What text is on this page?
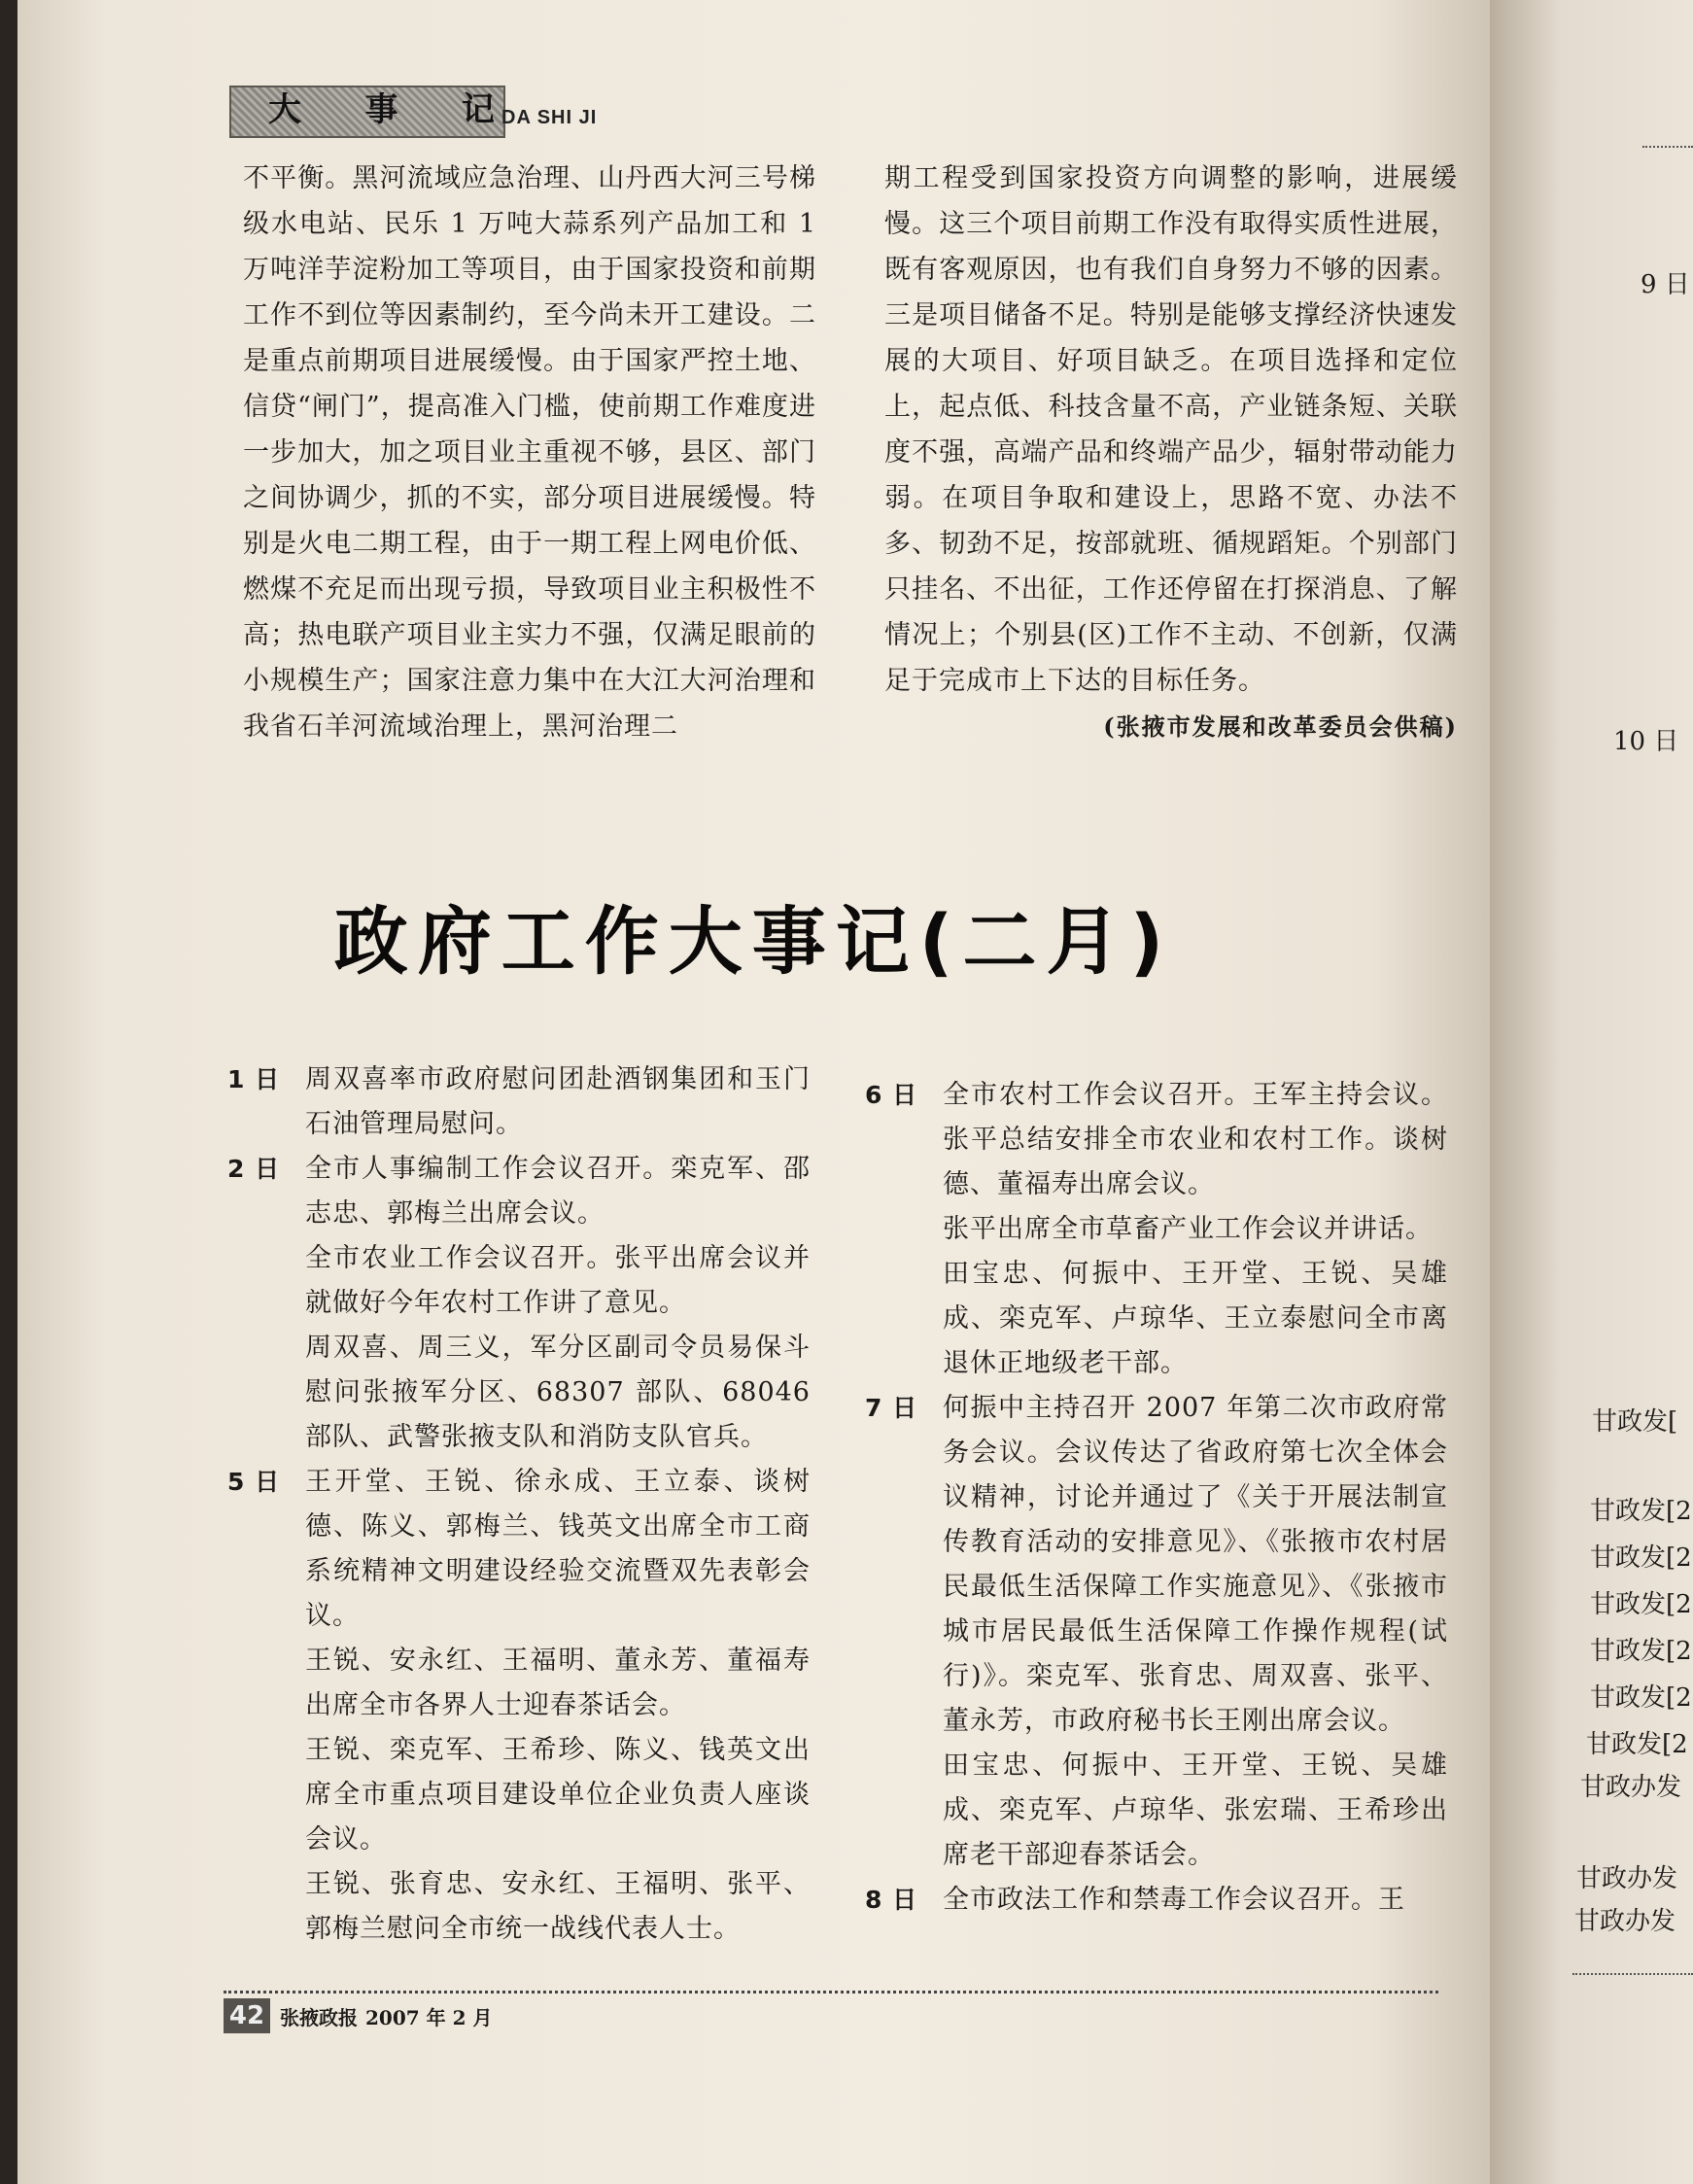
大 事 记
DA SHI JI

不平衡。黑河流域应急治理、山丹西大河三号梯级水电站、民乐 1 万吨大蒜系列产品加工和 1 万吨洋芋淀粉加工等项目，由于国家投资和前期工作不到位等因素制约，至今尚未开工建设。二是重点前期项目进展缓慢。由于国家严控土地、信贷“闸门”，提高准入门槛，使前期工作难度进一步加大，加之项目业主重视不够，县区、部门之间协调少，抓的不实，部分项目进展缓慢。特别是火电二期工程，由于一期工程上网电价低、燃煤不充足而出现亏损，导致项目业主积极性不高；热电联产项目业主实力不强，仅满足眼前的小规模生产；国家注意力集中在大江大河治理和我省石羊河流域治理上，黑河治理二

期工程受到国家投资方向调整的影响，进展缓慢。这三个项目前期工作没有取得实质性进展，既有客观原因，也有我们自身努力不够的因素。三是项目储备不足。特别是能够支撑经济快速发展的大项目、好项目缺乏。在项目选择和定位上，起点低、科技含量不高，产业链条短、关联度不强，高端产品和终端产品少，辐射带动能力弱。在项目争取和建设上，思路不宽、办法不多、韧劲不足，按部就班、循规蹈矩。个别部门只挂名、不出征，工作还停留在打探消息、了解情况上；个别县(区)工作不主动、不创新，仅满足于完成市上下达的目标任务。

(张掖市发展和改革委员会供稿)
政府工作大事记(二月)
1 日 周双喜率市政府慰问团赴酒钢集团和玉门石油管理局慰问。

2 日 全市人事编制工作会议召开。栾克军、邵志忠、郭梅兰出席会议。

全市农业工作会议召开。张平出席会议并就做好今年农村工作讲了意见。

周双喜、周三义，军分区副司令员易保斗慰问张掖军分区、68307 部队、68046 部队、武警张掖支队和消防支队官兵。

5 日 王开堂、王锐、徐永成、王立泰、谈树德、陈义、郭梅兰、钱英文出席全市工商系统精神文明建设经验交流暨双先表彰会议。

王锐、安永红、王福明、董永芳、董福寿出席全市各界人士迎春茶话会。

王锐、栾克军、王希珍、陈义、钱英文出席全市重点项目建设单位企业负责人座谈会议。

王锐、张育忠、安永红、王福明、张平、郭梅兰慰问全市统一战线代表人士。

6 日 全市农村工作会议召开。王军主持会议。张平总结安排全市农业和农村工作。谈树德、董福寿出席会议。

张平出席全市草畜产业工作会议并讲话。

田宝忠、何振中、王开堂、王锐、吴雄成、栾克军、卢琼华、王立泰慰问全市离退休正地级老干部。

7 日 何振中主持召开 2007 年第二次市政府常务会议。会议传达了省政府第七次全体会议精神，讨论并通过了《关于开展法制宣传教育活动的安排意见》、《张掖市农村居民最低生活保障工作实施意见》、《张掖市城市居民最低生活保障工作操作规程(试行)》。栾克军、张育忠、周双喜、张平、董永芳，市政府秘书长王刚出席会议。

田宝忠、何振中、王开堂、王锐、吴雄成、栾克军、卢琼华、张宏瑞、王希珍出席老干部迎春茶话会。

8 日 全市政法工作和禁毒工作会议召开。王

42 张掖政报 2007 年 2 月
9 日
10 日
甘政发[
甘政发[2
甘政发[2
甘政发[2
甘政发[2
甘政发[2
甘政发[2
甘政办发
甘政办发
甘政办发
